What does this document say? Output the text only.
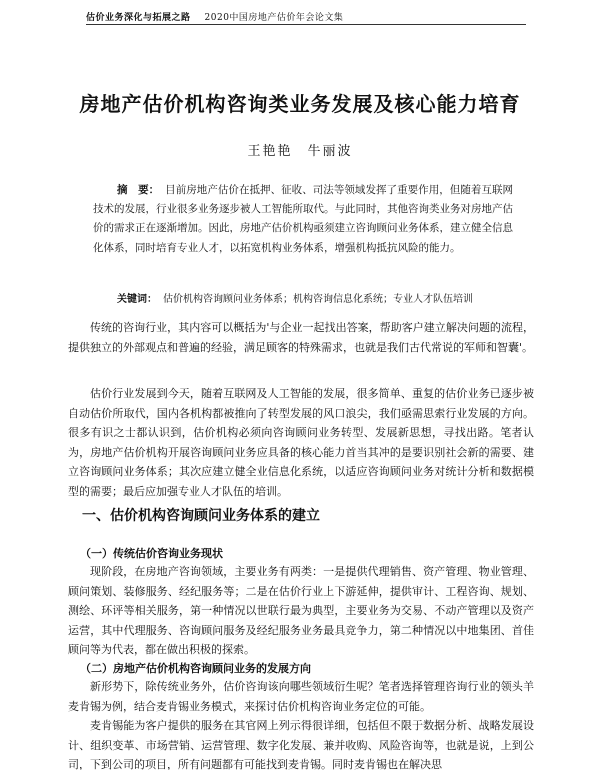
估价业务深化与拓展之路 2020中国房地产估价年会论文集
房地产估价机构咨询类业务发展及核心能力培育
王艳艳　牛丽波
摘　要： 目前房地产估价在抵押、征收、司法等领域发挥了重要作用，但随着互联网技术的发展，行业很多业务逐步被人工智能所取代。与此同时，其他咨询类业务对房地产估价的需求正在逐渐增加。因此，房地产估价机构亟须建立咨询顾问业务体系，建立健全信息化体系，同时培育专业人才，以拓宽机构业务体系，增强机构抵抗风险的能力。
关键词： 估价机构咨询顾问业务体系；机构咨询信息化系统；专业人才队伍培训
传统的咨询行业，其内容可以概括为'与企业一起找出答案，帮助客户建立解决问题的流程，提供独立的外部观点和普遍的经验，满足顾客的特殊需求，也就是我们古代常说的军师和智囊'。
估价行业发展到今天，随着互联网及人工智能的发展，很多简单、重复的估价业务已逐步被自动估价所取代，国内各机构都被推向了转型发展的风口浪尖，我们亟需思索行业发展的方向。很多有识之士都认识到，估价机构必须向咨询顾问业务转型、发展新思想，寻找出路。笔者认为，房地产估价机构开展咨询顾问业务应具备的核心能力首当其冲的是要识别社会新的需要、建立咨询顾问业务体系；其次应建立健全业信息化系统，以适应咨询顾问业务对统计分析和数据模型的需要；最后应加强专业人才队伍的培训。
一、估价机构咨询顾问业务体系的建立
（一）传统估价咨询业务现状
现阶段，在房地产咨询领域，主要业务有两类：一是提供代理销售、资产管理、物业管理、顾问策划、装修服务、经纪服务等；二是在估价行业上下游延伸，提供审计、工程咨询、规划、测绘、环评等相关服务，第一种情况以世联行最为典型，主要业务为交易、不动产管理以及资产运营，其中代理服务、咨询顾问服务及经纪服务业务最具竞争力，第二种情况以中地集团、首佳顾问等为代表，都在做出积极的探索。
（二）房地产估价机构咨询顾问业务的发展方向
新形势下，除传统业务外，估价咨询该向哪些领域衍生呢？笔者选择管理咨询行业的领头羊麦肯锡为例，结合麦肯锡业务模式，来探讨估价机构咨询业务定位的可能。
麦肯锡能为客户提供的服务在其官网上列示得很详细，包括但不限于数据分析、战略发展设计、组织变革、市场营销、运营管理、数字化发展、兼并收购、风险咨询等，也就是说，上到公司，下到公司的项目，所有问题都有可能找到麦肯锡。同时麦肯锡也在解决思
